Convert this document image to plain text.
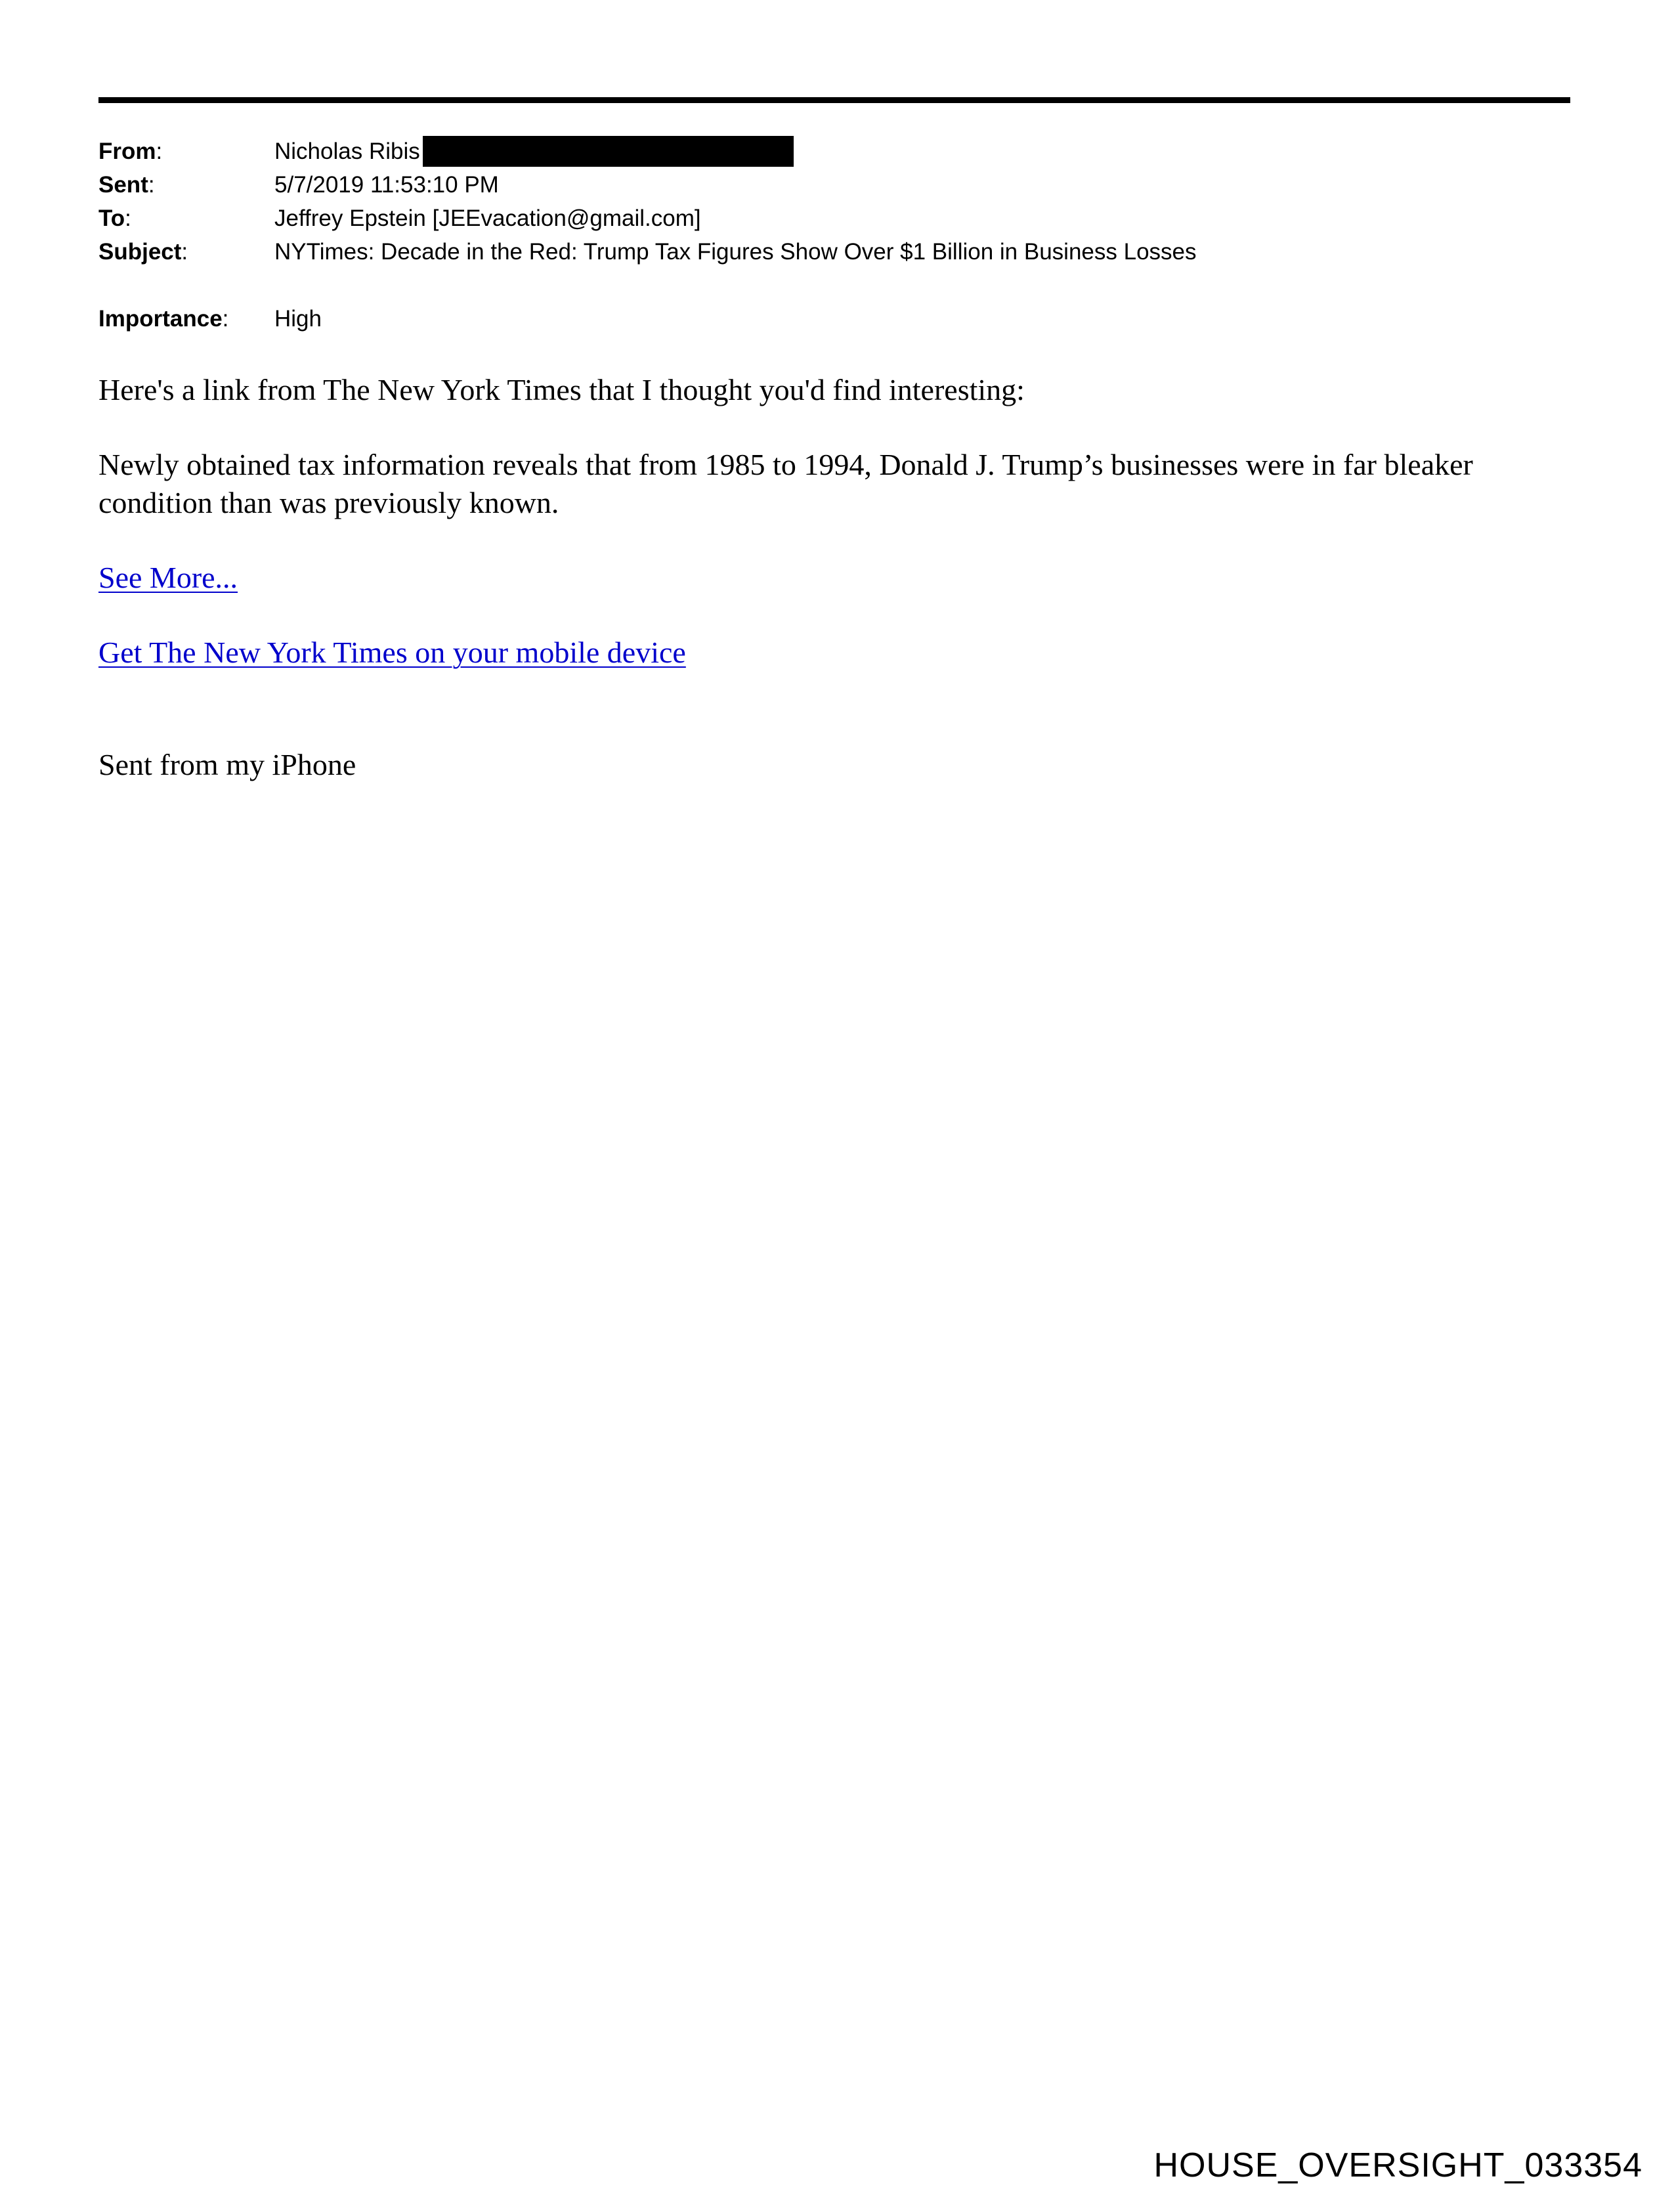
From:	Nicholas Ribis
Sent:	5/7/2019 11:53:10 PM
To:	Jeffrey Epstein [JEEvacation@gmail.com]
Subject:	NYTimes: Decade in the Red: Trump Tax Figures Show Over $1 Billion in Business Losses
Importance:	High

Here's a link from The New York Times that I thought you'd find interesting:

Newly obtained tax information reveals that from 1985 to 1994, Donald J. Trump’s businesses were in far bleaker condition than was previously known.

See More...

Get The New York Times on your mobile device

Sent from my iPhone

HOUSE_OVERSIGHT_033354
